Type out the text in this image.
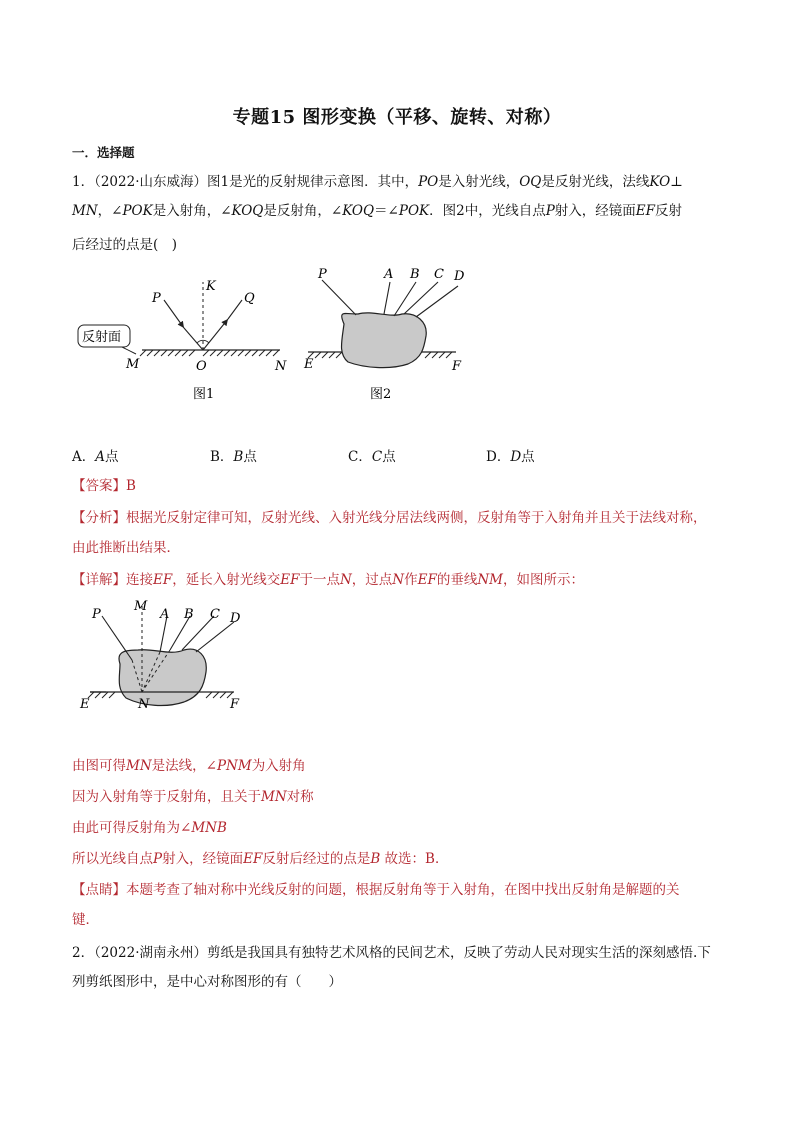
专题15 图形变换（平移、旋转、对称）
一．选择题
1．（2022·山东威海）图1是光的反射规律示意图．其中，PO是入射光线，OQ是反射光线，法线KO⊥
MN，∠POK是入射角，∠KOQ是反射角，∠KOQ＝∠POK．图2中，光线自点P射入，经镜面EF反射
后经过的点是(　)
反射面
P
K
Q
M	O	N
图1
P	A B C D
E	F
图2
A．A点	B．B点	C．C点	D．D点
【答案】B
【分析】根据光反射定律可知，反射光线、入射光线分居法线两侧，反射角等于入射角并且关于法线对称，
由此推断出结果．
【详解】连接EF，延长入射光线交EF于一点N，过点N作EF的垂线NM，如图所示：
P
M
A B C D
E	N	F
由图可得MN是法线，∠PNM为入射角
因为入射角等于反射角，且关于MN对称
由此可得反射角为∠MNB
所以光线自点P射入，经镜面EF反射后经过的点是B 故选：B．
【点睛】本题考查了轴对称中光线反射的问题，根据反射角等于入射角，在图中找出反射角是解题的关
键．
2．（2022·湖南永州）剪纸是我国具有独特艺术风格的民间艺术，反映了劳动人民对现实生活的深刻感悟.下
列剪纸图形中，是中心对称图形的有（　　）
